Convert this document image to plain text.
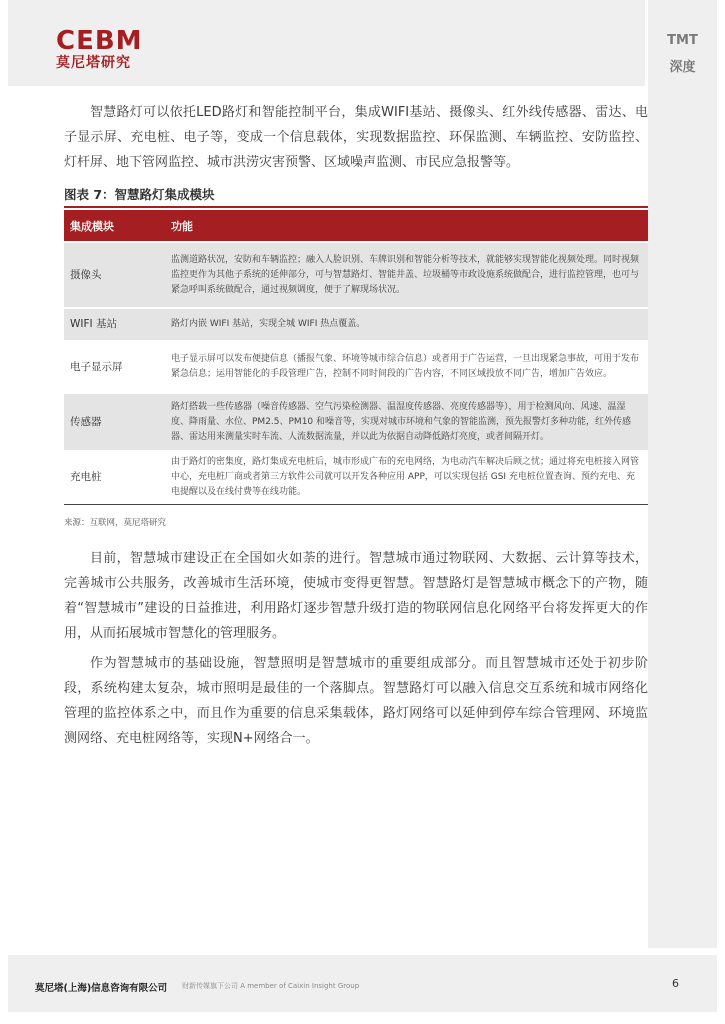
CEBM
莫尼塔研究
TMT
深度

智慧路灯可以依托LED路灯和智能控制平台，集成WIFI基站、摄像头、红外线传感器、雷达、电子显示屏、充电桩、电子等，变成一个信息载体，实现数据监控、环保监测、车辆监控、安防监控、灯杆屏、地下管网监控、城市洪涝灾害预警、区域噪声监测、市民应急报警等。

图表 7：智慧路灯集成模块
集成模块	功能
摄像头	监测道路状况，安防和车辆监控；融入人脸识别、车牌识别和智能分析等技术，就能够实现智能化视频处理。同时视频监控更作为其他子系统的延伸部分，可与智慧路灯、智能井盖、垃圾桶等市政设施系统做配合，进行监控管理，也可与紧急呼叫系统做配合，通过视频调度，便于了解现场状况。
WIFI 基站	路灯内嵌 WIFI 基站，实现全城 WIFI 热点覆盖。
电子显示屏	电子显示屏可以发布便捷信息（播报气象、环境等城市综合信息）或者用于广告运营，一旦出现紧急事故，可用于发布紧急信息；运用智能化的手段管理广告，控制不同时间段的广告内容，不同区域投放不同广告，增加广告效应。
传感器	路灯搭载一些传感器（噪音传感器、空气污染检测器、温湿度传感器、亮度传感器等），用于检测风向、风速、温湿度、降雨量、水位、PM2.5、PM10 和噪音等，实现对城市环境和气象的智能监测，预先报警灯多种功能，红外传感器、雷达用来测量实时车流、人流数据流量，并以此为依据自动降低路灯亮度，或者间隔开灯。
充电桩	由于路灯的密集度，路灯集成充电桩后，城市形成广布的充电网络，为电动汽车解决后顾之忧；通过将充电桩接入网管中心，充电桩厂商或者第三方软件公司就可以开发各种应用 APP，可以实现包括 GSI 充电桩位置查询、预约充电、充电提醒以及在线付费等在线功能。
来源：互联网，莫尼塔研究

目前，智慧城市建设正在全国如火如荼的进行。智慧城市通过物联网、大数据、云计算等技术，完善城市公共服务，改善城市生活环境，使城市变得更智慧。智慧路灯是智慧城市概念下的产物，随着“智慧城市”建设的日益推进，利用路灯逐步智慧升级打造的物联网信息化网络平台将发挥更大的作用，从而拓展城市智慧化的管理服务。

作为智慧城市的基础设施，智慧照明是智慧城市的重要组成部分。而且智慧城市还处于初步阶段，系统构建太复杂，城市照明是最佳的一个落脚点。智慧路灯可以融入信息交互系统和城市网络化管理的监控体系之中，而且作为重要的信息采集载体，路灯网络可以延伸到停车综合管理网、环境监测网络、充电桩网络等，实现N+网络合一。

莫尼塔(上海)信息咨询有限公司 财新传媒旗下公司 A member of Caixin Insight Group	6
